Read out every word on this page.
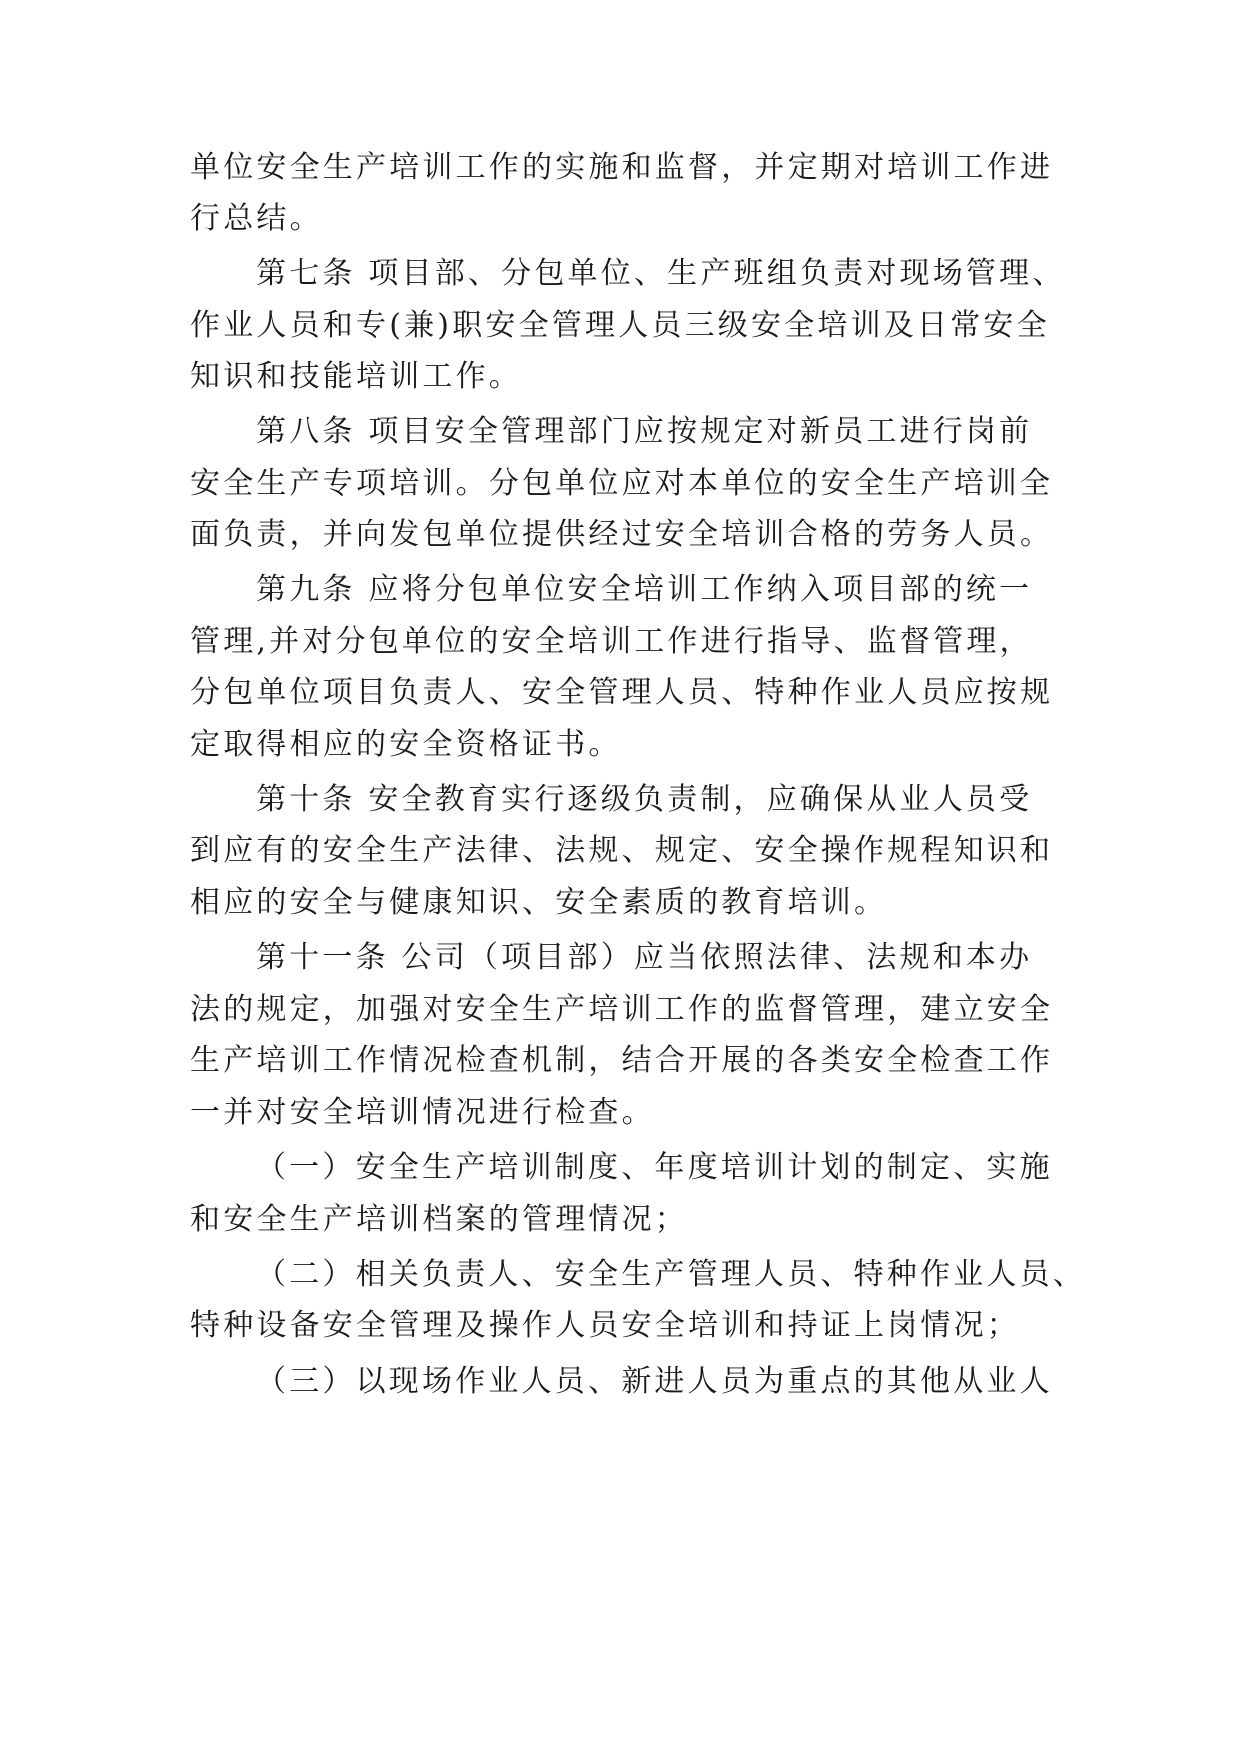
单位安全生产培训工作的实施和监督，并定期对培训工作进
行总结。
第七条 项目部、分包单位、生产班组负责对现场管理、
作业人员和专(兼)职安全管理人员三级安全培训及日常安全
知识和技能培训工作。
第八条 项目安全管理部门应按规定对新员工进行岗前
安全生产专项培训。分包单位应对本单位的安全生产培训全
面负责，并向发包单位提供经过安全培训合格的劳务人员。
第九条 应将分包单位安全培训工作纳入项目部的统一
管理,并对分包单位的安全培训工作进行指导、监督管理，
分包单位项目负责人、安全管理人员、特种作业人员应按规
定取得相应的安全资格证书。
第十条 安全教育实行逐级负责制，应确保从业人员受
到应有的安全生产法律、法规、规定、安全操作规程知识和
相应的安全与健康知识、安全素质的教育培训。
第十一条 公司（项目部）应当依照法律、法规和本办
法的规定，加强对安全生产培训工作的监督管理，建立安全
生产培训工作情况检查机制，结合开展的各类安全检查工作
一并对安全培训情况进行检查。
（一）安全生产培训制度、年度培训计划的制定、实施
和安全生产培训档案的管理情况；
（二）相关负责人、安全生产管理人员、特种作业人员、
特种设备安全管理及操作人员安全培训和持证上岗情况；
（三）以现场作业人员、新进人员为重点的其他从业人
